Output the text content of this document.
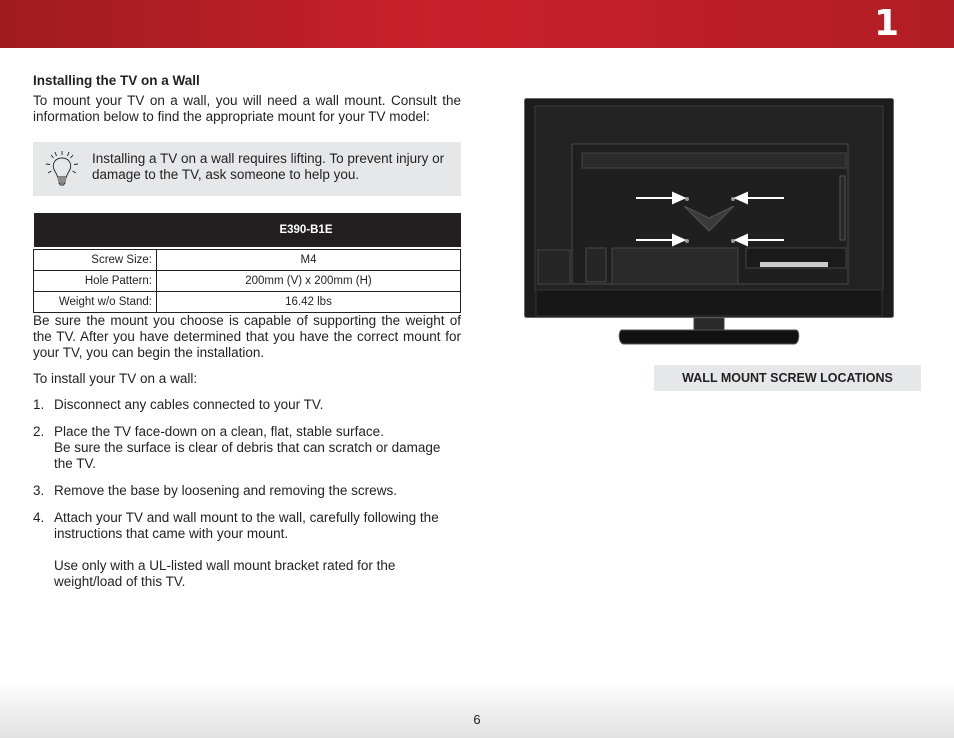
1
Installing the TV on a Wall

To mount your TV on a wall, you will need a wall mount. Consult the information below to find the appropriate mount for your TV model:

Installing a TV on a wall requires lifting. To prevent injury or damage to the TV, ask someone to help you.
E390-B1E	

Screw Size:	M4
Hole Pattern:	200mm (V) x 200mm (H)
Weight w/o Stand:	16.42 lbs

Be sure the mount you choose is capable of supporting the weight of the TV. After you have determined that you have the correct mount for your TV, you can begin the installation.

To install your TV on a wall:
1. Disconnect any cables connected to your TV.
2. Place the TV face-down on a clean, flat, stable surface.
Be sure the surface is clear of debris that can scratch or damage the TV.
3. Remove the base by loosening and removing the screws.
4. Attach your TV and wall mount to the wall, carefully following the instructions that came with your mount.
Use only with a UL-listed wall mount bracket rated for the weight/load of this TV.
WALL MOUNT SCREW LOCATIONS
6
